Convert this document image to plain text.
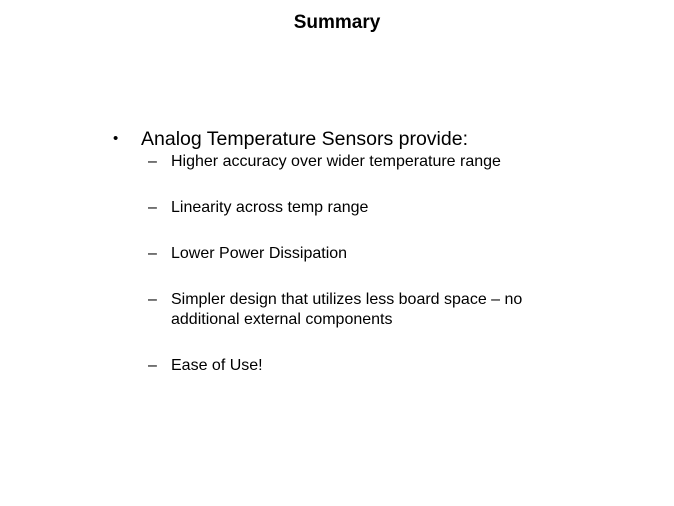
Summary
•	Analog Temperature Sensors provide:
– Higher accuracy over wider temperature range
– Linearity across temp range
– Lower Power Dissipation
– Simpler design that utilizes less board space – no additional external components
– Ease of Use!
